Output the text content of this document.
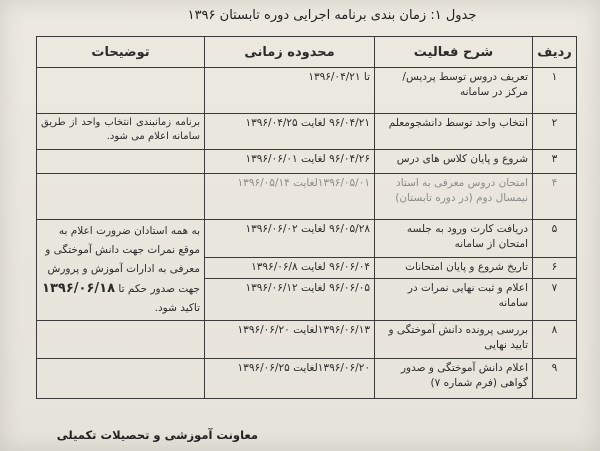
جدول ۱: زمان بندی برنامه اجرایی دوره تابستان ۱۳۹۶
ردیف	شرح فعالیت	محدوده زمانی	توضیحات
۱	تعریف دروس توسط پردیس/ مرکز در سامانه	تا ۱۳۹۶/۰۴/۲۱	
۲	انتخاب واحد توسط دانشجومعلم	۹۶/۰۴/۲۱ لغایت ۱۳۹۶/۰۴/۲۵	برنامه زمانبندی انتخاب واحد از طریق سامانه اعلام می شود.
۳	شروع و پایان کلاس های درس	۹۶/۰۴/۲۶ لغایت ۱۳۹۶/۰۶/۰۱	
۴	امتحان دروس معرفی به استاد نیمسال دوم (در دوره تابستان)	۱۳۹۶/۰۵/۰۱لغایت ۱۳۹۶/۰۵/۱۴	
۵	دریافت کارت ورود به جلسه امتحان از سامانه	۹۶/۰۵/۲۸ لغایت ۱۳۹۶/۰۶/۰۲	به همه استادان ضرورت اعلام به موقع نمرات جهت دانش آموختگی و معرفی به ادارات آموزش و پرورش جهت صدور حکم تا ۱۳۹۶/۰۶/۱۸ تاکید شود.
۶	تاریخ شروع و پایان امتحانات	۹۶/۰۶/۰۴ لغایت ۱۳۹۶/۰۶/۸	
۷	اعلام و ثبت نهایی نمرات در سامانه	۹۶/۰۶/۰۵ لغایت ۱۳۹۶/۰۶/۱۲	
۸	بررسی پرونده دانش آموختگی و تایید نهایی	۱۳۹۶/۰۶/۱۳لغایت ۱۳۹۶/۰۶/۲۰	
۹	اعلام دانش آموختگی و صدور گواهی (فرم شماره ۷)	۱۳۹۶/۰۶/۲۰لغایت ۱۳۹۶/۰۶/۲۵	
معاونت آموزشی و تحصیلات تکمیلی
